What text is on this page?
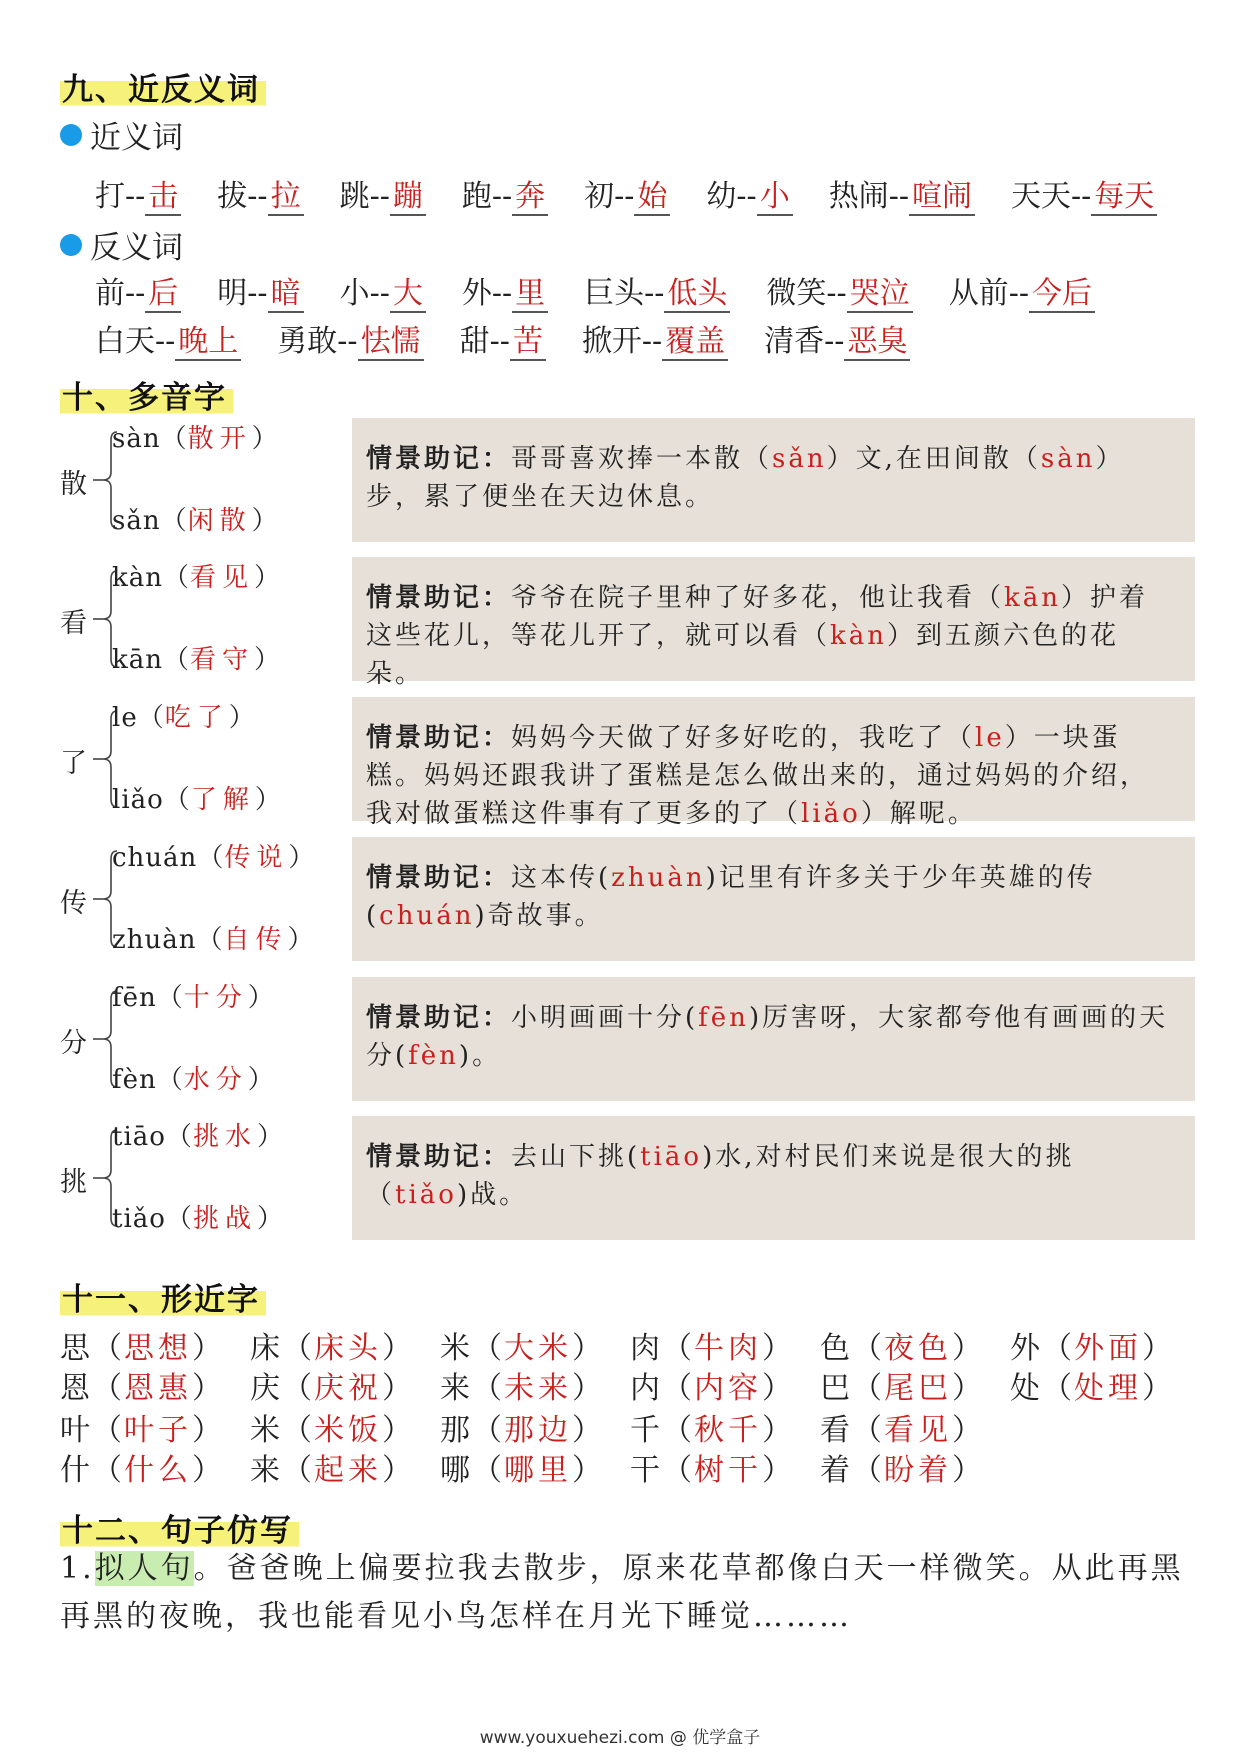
九、近反义词
近义词
打-- 击 拔-- 拉 跳-- 蹦 跑-- 奔 初-- 始 幼-- 小 热闹-- 喧闹 天天-- 每天
反义词
前-- 后 明-- 暗 小-- 大 外-- 里 巨头-- 低头 微笑-- 哭泣 从前-- 今后
白天-- 晚上 勇敢-- 怯懦 甜-- 苦 掀开-- 覆盖 清香-- 恶臭
十、多音字
散
sàn（散开）
sǎn（闲散）
情景助记：哥哥喜欢捧一本散（sǎn）文,在田间散（sàn）步，累了便坐在天边休息。
看
kàn（看见）
kān（看守）
情景助记：爷爷在院子里种了好多花，他让我看（kān）护着这些花儿，等花儿开了，就可以看（kàn）到五颜六色的花朵。
了
le（吃了）
liǎo（了解）
情景助记：妈妈今天做了好多好吃的，我吃了（le）一块蛋糕。妈妈还跟我讲了蛋糕是怎么做出来的，通过妈妈的介绍，我对做蛋糕这件事有了更多的了（liǎo）解呢。
传
chuán（传说）
zhuàn（自传）
情景助记：这本传(zhuàn)记里有许多关于少年英雄的传(chuán)奇故事。
分
fēn（十分）
fèn（水分）
情景助记：小明画画十分(fēn)厉害呀，大家都夸他有画画的天分(fèn)。
挑
tiāo（挑水）
tiǎo（挑战）
情景助记：去山下挑(tiāo)水,对村民们来说是很大的挑（tiǎo)战。
十一、形近字
思（思想）
恩（恩惠）
叶（叶子）
什（什么）
床（床头）
庆（庆祝）
米（米饭）
来（起来）
米（大米）
来（未来）
那（那边）
哪（哪里）
肉（牛肉）
内（内容）
千（秋千）
干（树干）
色（夜色）
巴（尾巴）
看（看见）
着（盼着）
外（外面）
处（处理）
十二、句子仿写
1.拟人句。爸爸晚上偏要拉我去散步，原来花草都像白天一样微笑。从此再黑再黑的夜晚，我也能看见小鸟怎样在月光下睡觉………
www.youxuehezi.com @ 优学盒子
